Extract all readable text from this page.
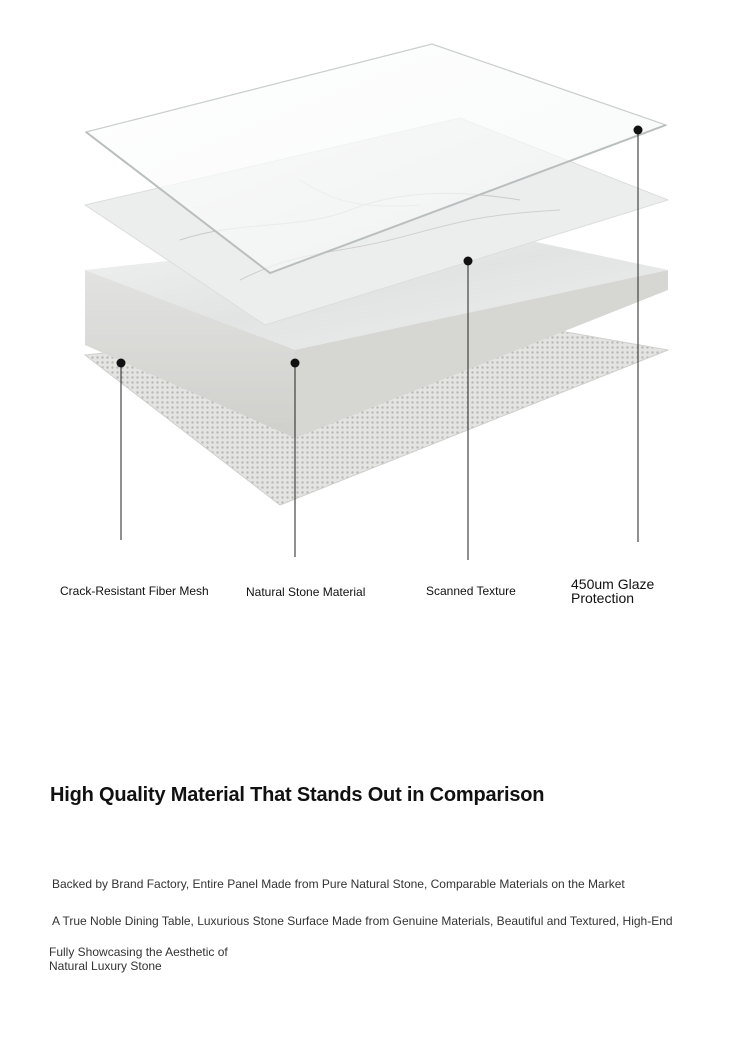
Crack-Resistant Fiber Mesh	Natural Stone Material	Scanned Texture	450um Glaze
Protection
High Quality Material That Stands Out in Comparison
Backed by Brand Factory, Entire Panel Made from Pure Natural Stone, Comparable Materials on the Market
A True Noble Dining Table, Luxurious Stone Surface Made from Genuine Materials, Beautiful and Textured, High-End
Fully Showcasing the Aesthetic of
Natural Luxury Stone
